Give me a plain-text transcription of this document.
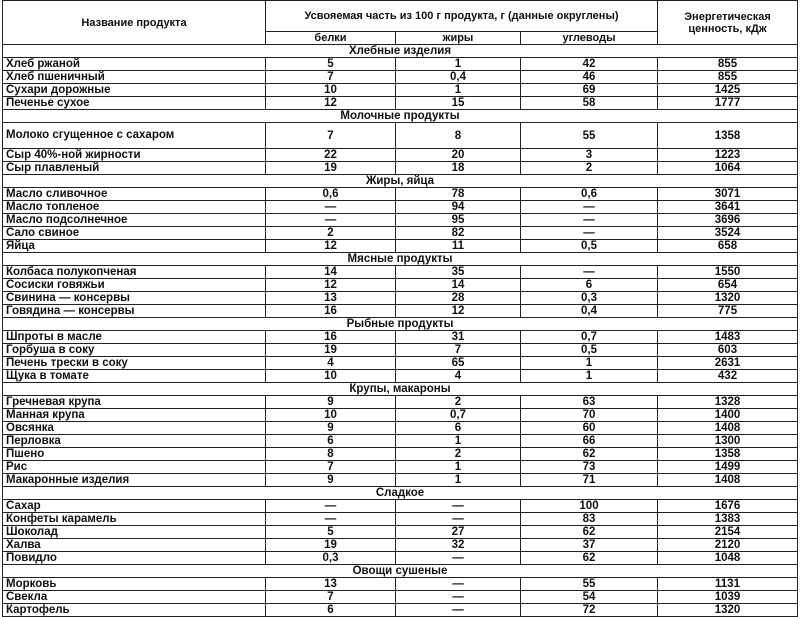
Название продукта	Усвояемая часть из 100 г продукта, г (данные округлены)			Энергетическая ценность, кДж
	белки	жиры	углеводы	
Хлебные изделия				
Хлеб ржаной	5	1	42	855
Хлеб пшеничный	7	0,4	46	855
Сухари дорожные	10	1	69	1425
Печенье сухое	12	15	58	1777
Молочные продукты				
Молоко сгущенное с сахаром	7	8	55	1358
Сыр 40%-ной жирности	22	20	3	1223
Сыр плавленый	19	18	2	1064
Жиры, яйца				
Масло сливочное	0,6	78	0,6	3071
Масло топленое	—	94	—	3641
Масло подсолнечное	—	95	—	3696
Сало свиное	2	82	—	3524
Яйца	12	11	0,5	658
Мясные продукты				
Колбаса полукопченая	14	35	—	1550
Сосиски говяжьи	12	14	6	654
Свинина — консервы	13	28	0,3	1320
Говядина — консервы	16	12	0,4	775
Рыбные продукты				
Шпроты в масле	16	31	0,7	1483
Горбуша в соку	19	7	0,5	603
Печень трески в соку	4	65	1	2631
Щука в томате	10	4	1	432
Крупы, макароны				
Гречневая крупа	9	2	63	1328
Манная крупа	10	0,7	70	1400
Овсянка	9	6	60	1408
Перловка	6	1	66	1300
Пшено	8	2	62	1358
Рис	7	1	73	1499
Макаронные изделия	9	1	71	1408
Сладкое				
Сахар	—	—	100	1676
Конфеты карамель	—	—	83	1383
Шоколад	5	27	62	2154
Халва	19	32	37	2120
Повидло	0,3	—	62	1048
Овощи сушеные				
Морковь	13	—	55	1131
Свекла	7	—	54	1039
Картофель	6	—	72	1320
